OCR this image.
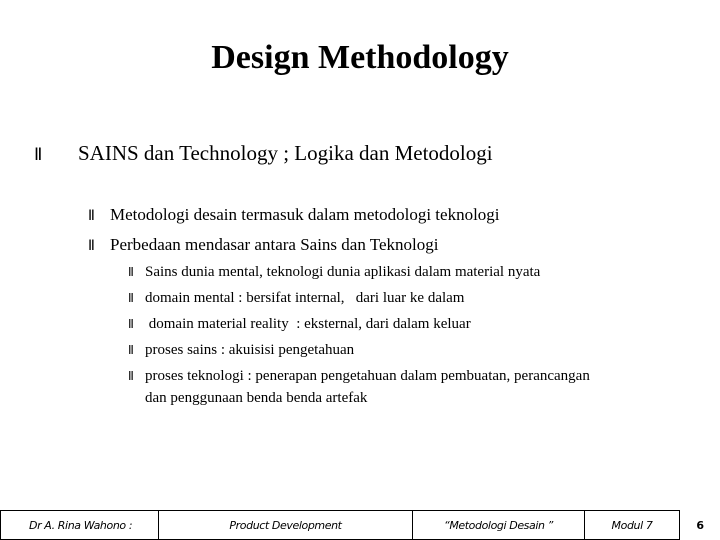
Design Methodology
Ⅱ	SAINS dan Technology ; Logika dan Metodologi
Ⅱ Metodologi desain termasuk dalam metodologi teknologi
Ⅱ Perbedaan mendasar antara Sains dan Teknologi
Ⅱ Sains dunia mental, teknologi dunia aplikasi dalam material nyata
Ⅱ domain mental : bersifat internal,   dari luar ke dalam
Ⅱ domain material reality  : eksternal, dari dalam keluar
Ⅱ proses sains : akuisisi pengetahuan
Ⅱ proses teknologi : penerapan pengetahuan dalam pembuatan, perancangan
dan penggunaan benda benda artefak
Dr A. Rina Wahono :	Product Development	“Metodologi Desain ”	Modul 7	6
